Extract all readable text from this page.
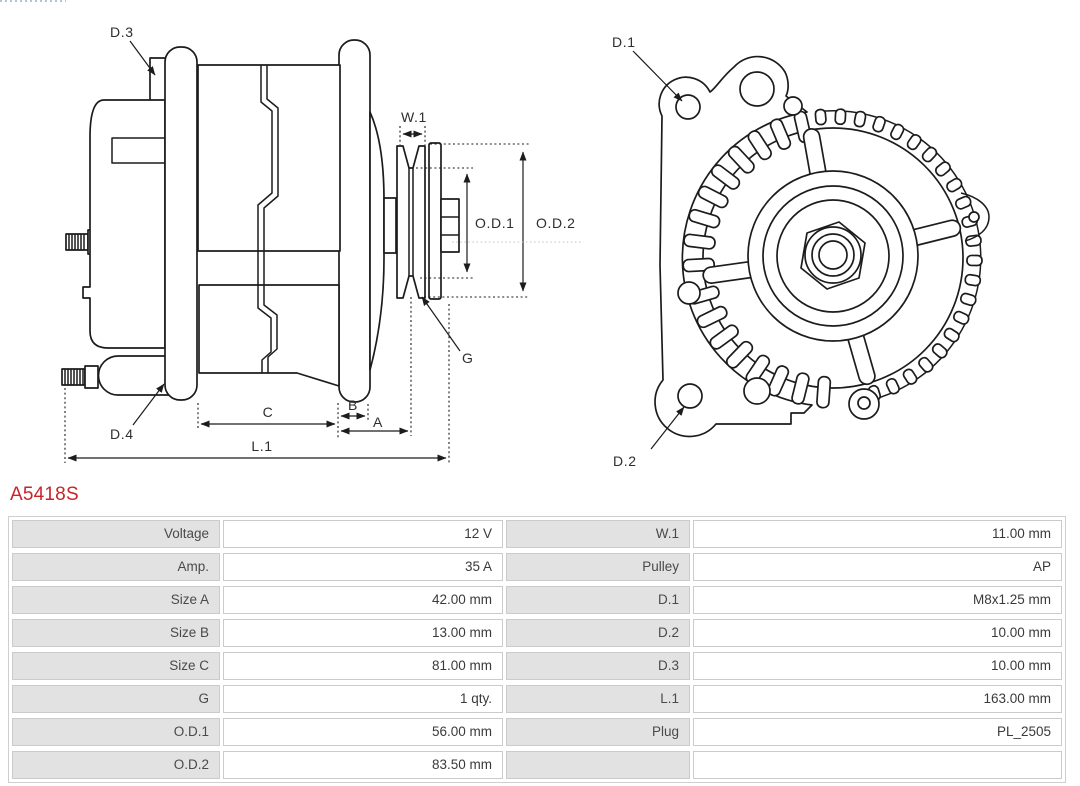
D.3
D.4
W.1
O.D.1 O.D.2
G
C	B
A
L.1
D.1
D.2
A5418S
Voltage	12 V	W.1	11.00 mm
Amp.	35 A	Pulley	AP
Size A	42.00 mm	D.1	M8x1.25 mm
Size B	13.00 mm	D.2	10.00 mm
Size C	81.00 mm	D.3	10.00 mm
G	1 qty.	L.1	163.00 mm
O.D.1	56.00 mm	Plug	PL_2505
O.D.2	83.50 mm
